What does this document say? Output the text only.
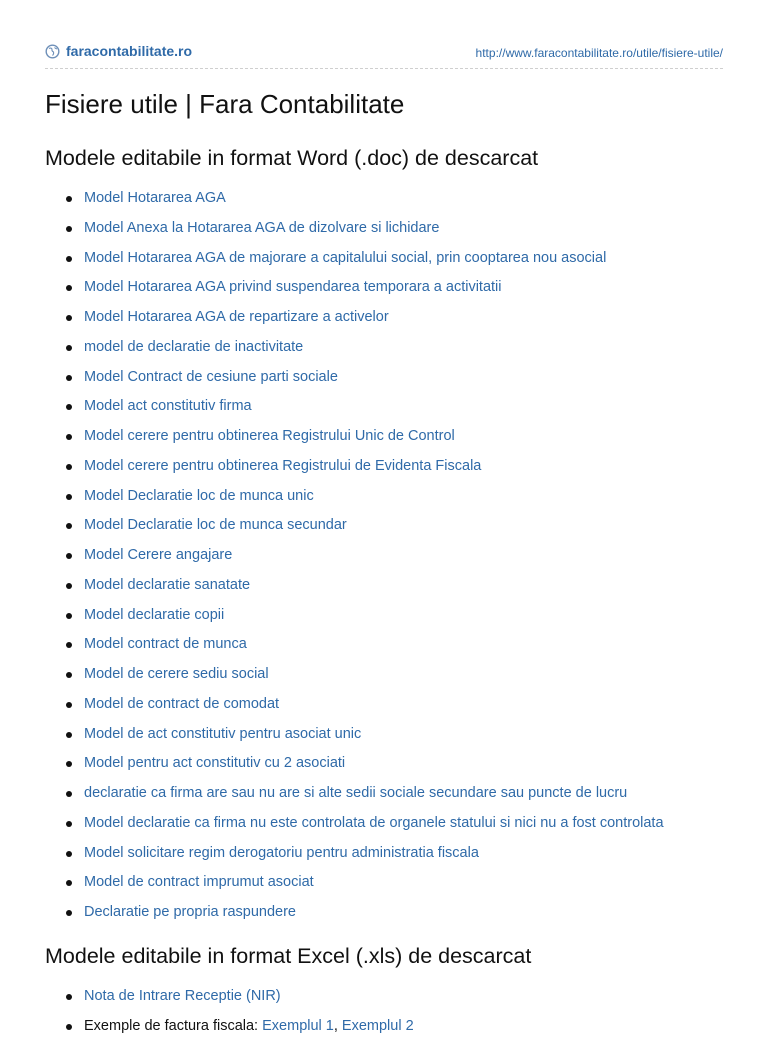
faracontabilitate.ro	http://www.faracontabilitate.ro/utile/fisiere-utile/
Fisiere utile | Fara Contabilitate
Modele editabile in format Word (.doc) de descarcat
Model Hotararea AGA
Model Anexa la Hotararea AGA de dizolvare si lichidare
Model Hotararea AGA de majorare a capitalului social, prin cooptarea nou asocial
Model Hotararea AGA privind suspendarea temporara a activitatii
Model Hotararea AGA de repartizare a activelor
model de declaratie de inactivitate
Model Contract de cesiune parti sociale
Model act constitutiv firma
Model cerere pentru obtinerea Registrului Unic de Control
Model cerere pentru obtinerea Registrului de Evidenta Fiscala
Model Declaratie loc de munca unic
Model Declaratie loc de munca secundar
Model Cerere angajare
Model declaratie sanatate
Model declaratie copii
Model contract de munca
Model de cerere sediu social
Model de contract de comodat
Model de act constitutiv pentru asociat unic
Model pentru act constitutiv cu 2 asociati
declaratie ca firma are sau nu are si alte sedii sociale secundare sau puncte de lucru
Model declaratie ca firma nu este controlata de organele statului si nici nu a fost controlata
Model solicitare regim derogatoriu pentru administratia fiscala
Model de contract imprumut asociat
Declaratie pe propria raspundere
Modele editabile in format Excel (.xls) de descarcat
Nota de Intrare Receptie (NIR)
Exemple de factura fiscala: Exemplul 1, Exemplul 2
